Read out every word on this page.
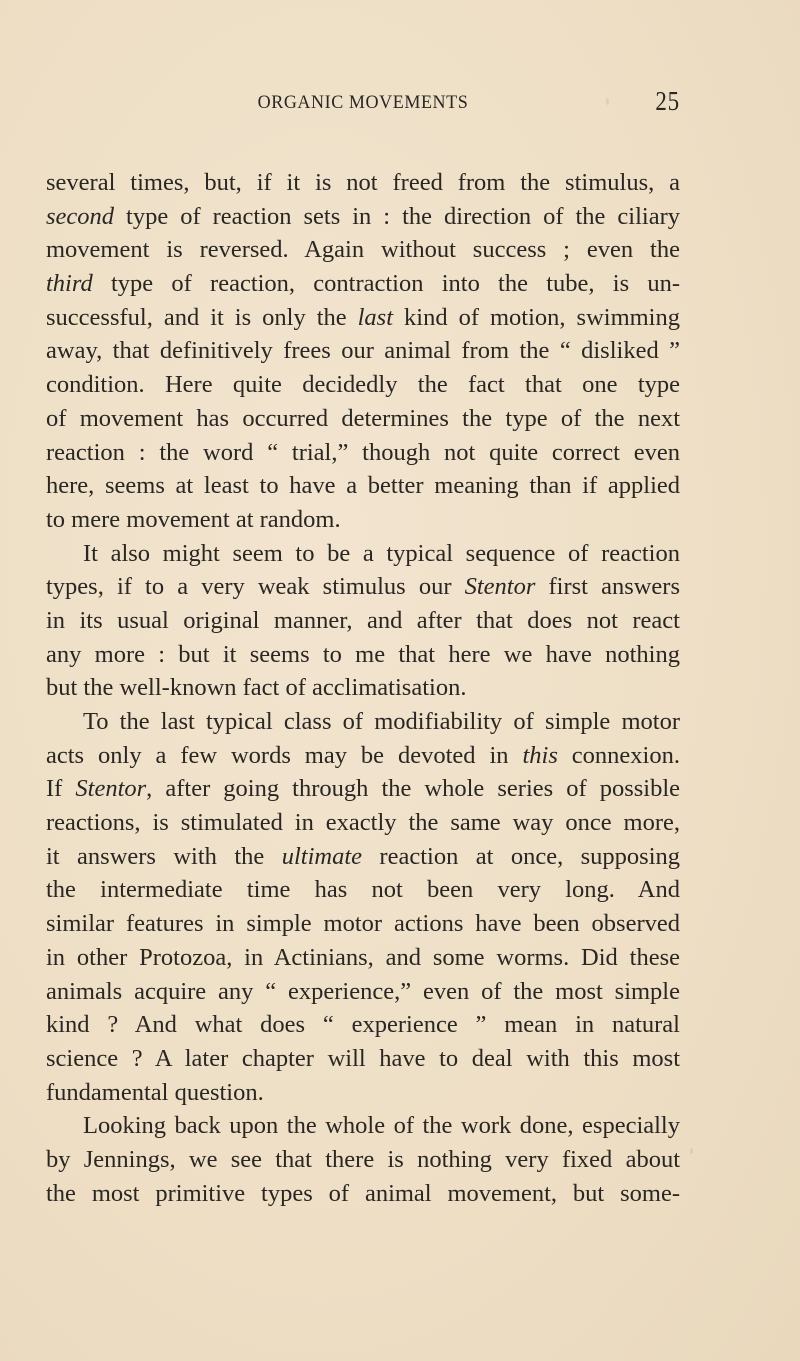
ORGANIC MOVEMENTS	25
several times, but, if it is not freed from the stimulus, a
second type of reaction sets in : the direction of the ciliary
movement is reversed. Again without success ; even the
third type of reaction, contraction into the tube, is un-
successful, and it is only the last kind of motion, swimming
away, that definitively frees our animal from the “ disliked ”
condition. Here quite decidedly the fact that one type
of movement has occurred determines the type of the next
reaction : the word “ trial,” though not quite correct even
here, seems at least to have a better meaning than if applied
to mere movement at random.
It also might seem to be a typical sequence of reaction
types, if to a very weak stimulus our Stentor first answers
in its usual original manner, and after that does not react
any more : but it seems to me that here we have nothing
but the well-known fact of acclimatisation.
To the last typical class of modifiability of simple motor
acts only a few words may be devoted in this connexion.
If Stentor, after going through the whole series of possible
reactions, is stimulated in exactly the same way once more,
it answers with the ultimate reaction at once, supposing
the intermediate time has not been very long. And
similar features in simple motor actions have been observed
in other Protozoa, in Actinians, and some worms. Did these
animals acquire any “ experience,” even of the most simple
kind ? And what does “ experience ” mean in natural
science ? A later chapter will have to deal with this most
fundamental question.
Looking back upon the whole of the work done, especially
by Jennings, we see that there is nothing very fixed about
the most primitive types of animal movement, but some-
